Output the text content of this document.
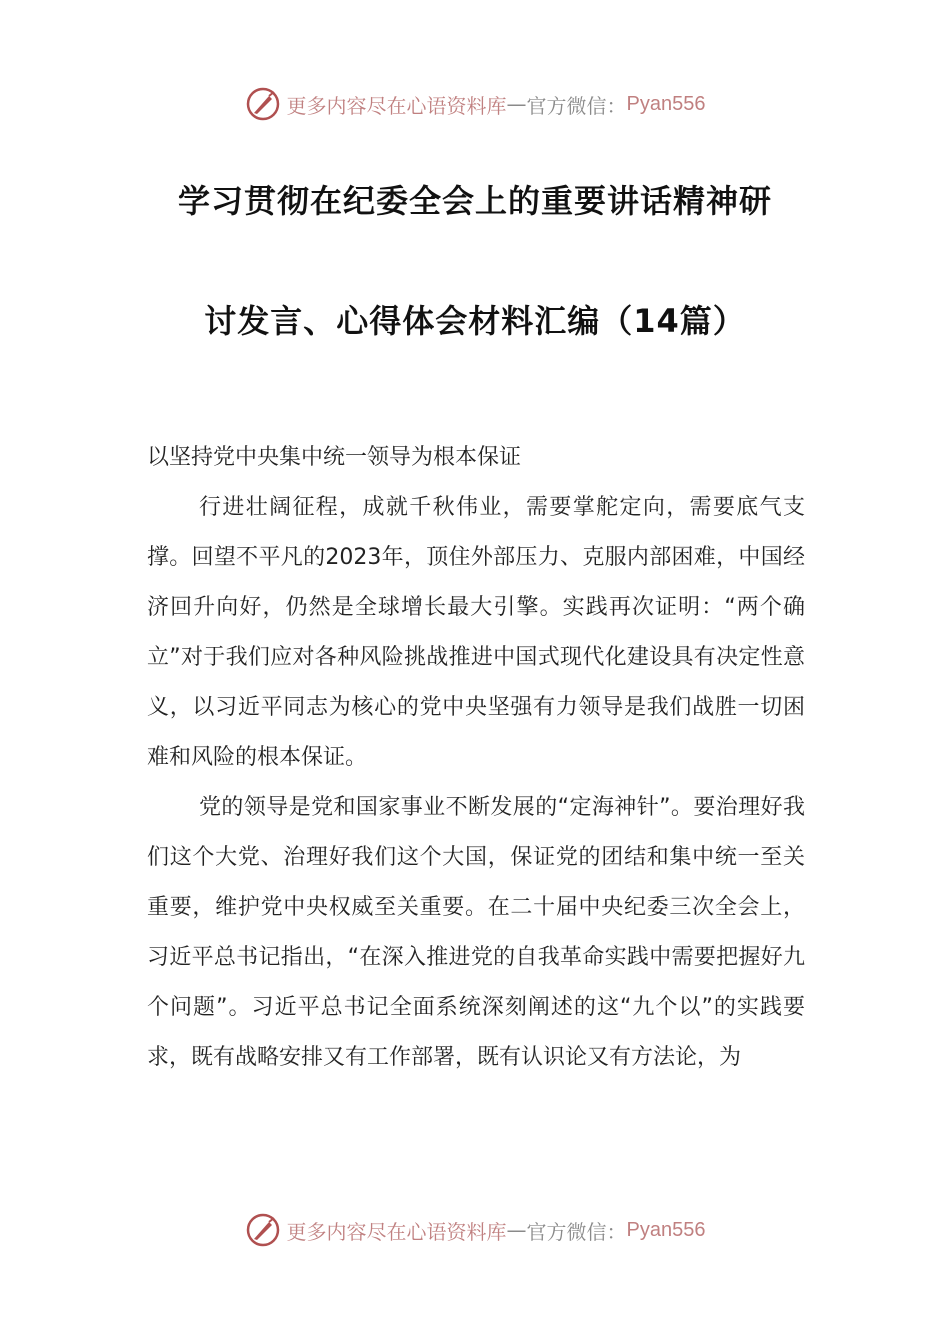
更多内容尽在心语资料库 — 官方微信： Pyan556
学习贯彻在纪委全会上的重要讲话精神研
讨发言、心得体会材料汇编（14篇）

以坚持党中央集中统一领导为根本保证

行进壮阔征程，成就千秋伟业，需要掌舵定向，需要底气支撑。回望不平凡的2023年，顶住外部压力、克服内部困难，中国经济回升向好，仍然是全球增长最大引擎。实践再次证明：“两个确立”对于我们应对各种风险挑战推进中国式现代化建设具有决定性意义，以习近平同志为核心的党中央坚强有力领导是我们战胜一切困难和风险的根本保证。

党的领导是党和国家事业不断发展的“定海神针”。要治理好我们这个大党、治理好我们这个大国，保证党的团结和集中统一至关重要，维护党中央权威至关重要。在二十届中央纪委三次全会上，习近平总书记指出，“在深入推进党的自我革命实践中需要把握好九个问题”。习近平总书记全面系统深刻阐述的这“九个以”的实践要求，既有战略安排又有工作部署，既有认识论又有方法论，为

更多内容尽在心语资料库 — 官方微信： Pyan556
